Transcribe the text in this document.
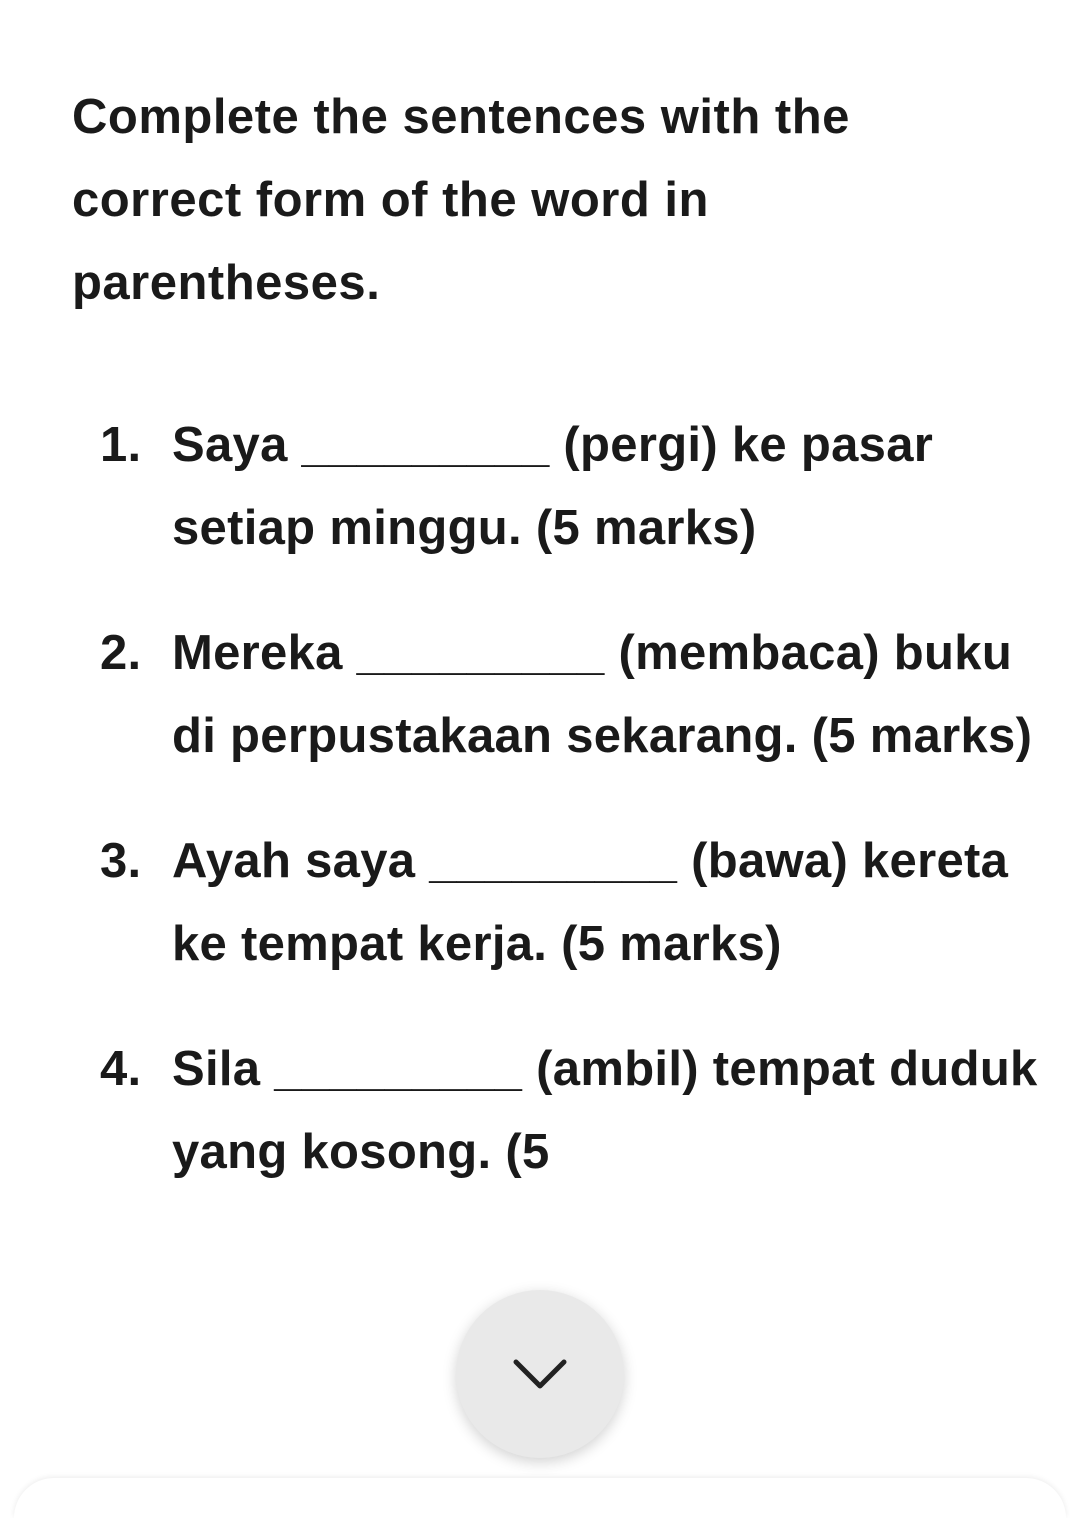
Complete the sentences with the correct form of the word in parentheses.

1. Saya _________ (pergi) ke pasar setiap minggu. (5 marks)
2. Mereka _________ (membaca) buku di perpustakaan sekarang. (5 marks)
3. Ayah saya _________ (bawa) kereta ke tempat kerja. (5 marks)
4. Sila _________ (ambil) tempat duduk yang kosong. (5
